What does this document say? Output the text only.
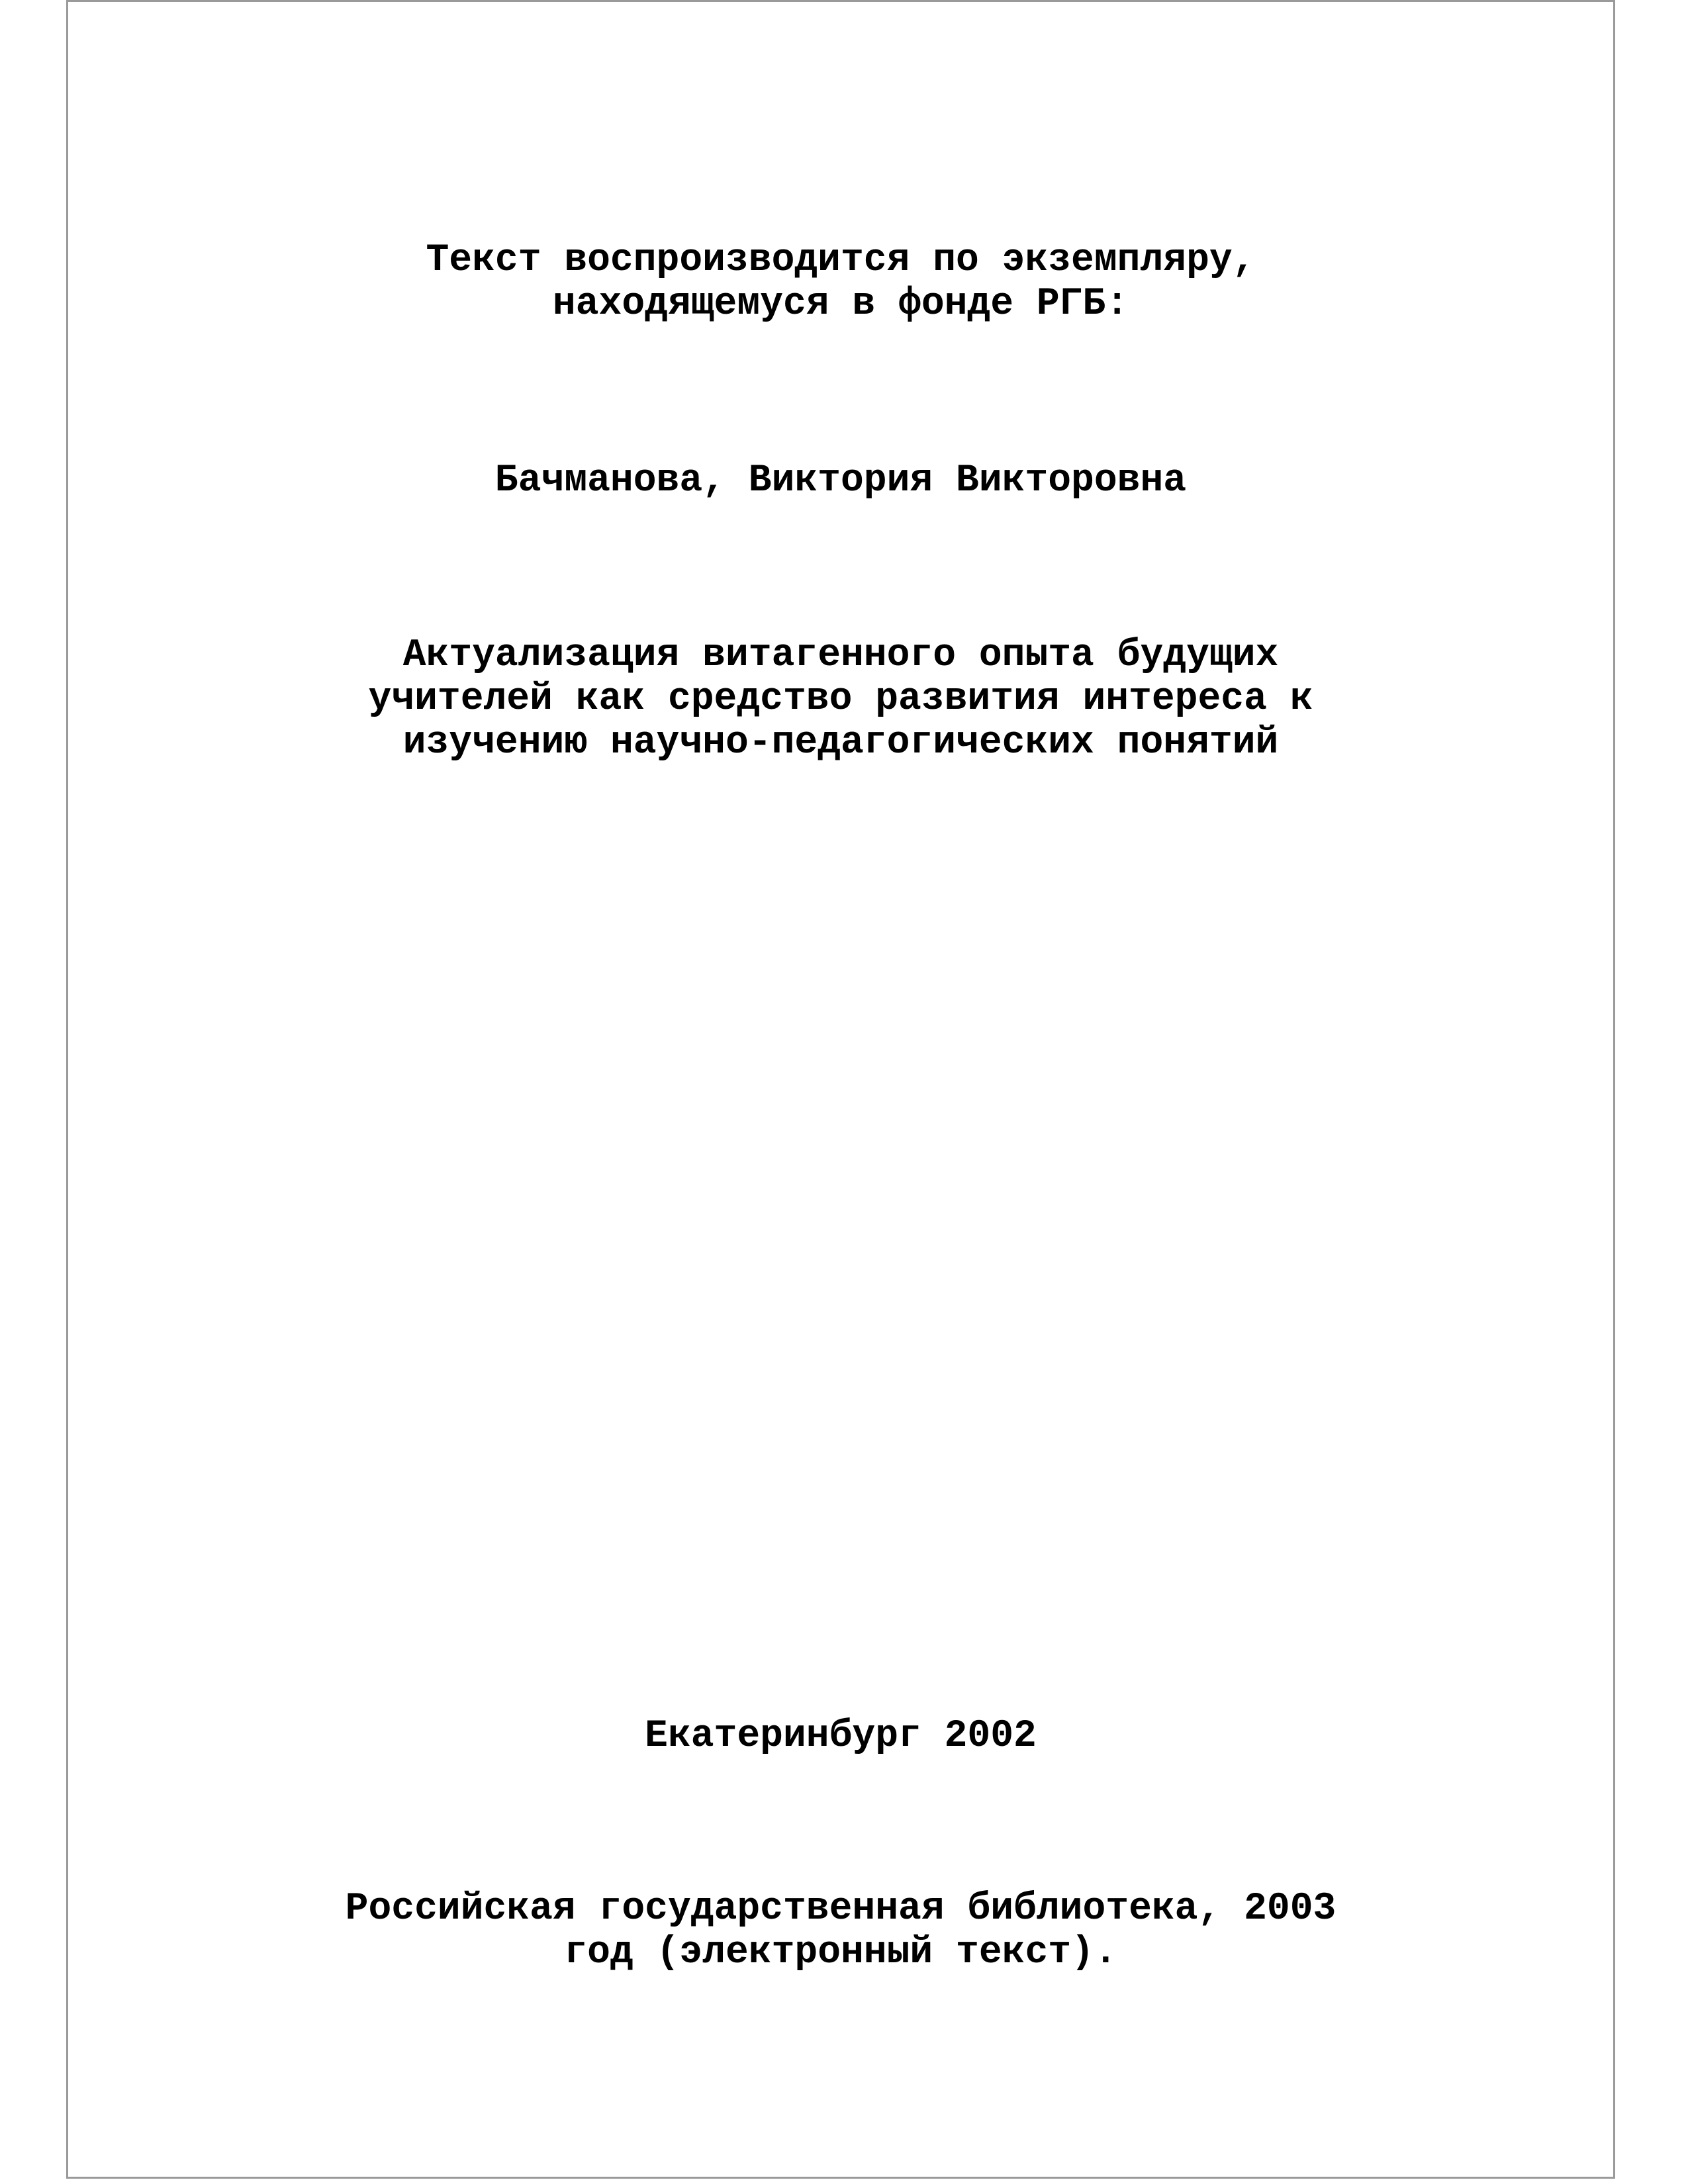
Текст воспроизводится по экземпляру,
находящемуся в фонде РГБ:
Бачманова, Виктория Викторовна
Актуализация витагенного опыта будущих
учителей как средство развития интереса к
изучению научно-педагогических понятий
Екатеринбург 2002
Российская государственная библиотека, 2003
год (электронный текст).
